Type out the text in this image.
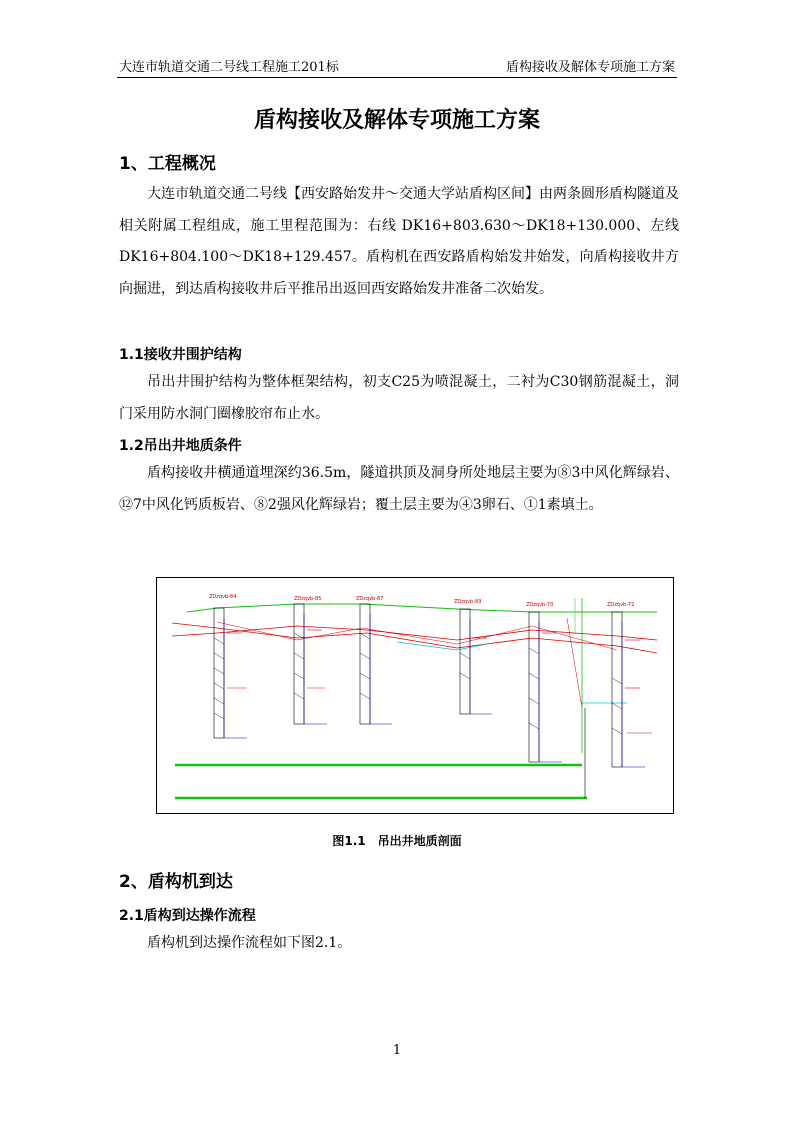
大连市轨道交通二号线工程施工201标	盾构接收及解体专项施工方案
盾构接收及解体专项施工方案
1、工程概况

大连市轨道交通二号线【西安路始发井～交通大学站盾构区间】由两条圆形盾构隧道及相关附属工程组成，施工里程范围为：右线 DK16+803.630～DK18+130.000、左线DK16+804.100～DK18+129.457。盾构机在西安路盾构始发井始发，向盾构接收井方向掘进，到达盾构接收井后平推吊出返回西安路始发井准备二次始发。

1.1接收井围护结构

吊出井围护结构为整体框架结构，初支C25为喷混凝土，二衬为C30钢筋混凝土，洞门采用防水洞门圈橡胶帘布止水。

1.2吊出井地质条件

盾构接收井横通道埋深约36.5m，隧道拱顶及洞身所处地层主要为⑧3中风化辉绿岩、⑫7中风化钙质板岩、⑧2强风化辉绿岩；覆土层主要为④3卵石、①1素填土。

ZDzqvb-84	ZDzqvb-85	ZDzqvb-87	ZDzqvb-89	ZDzqvb-70	ZDzqvb-72
图1.1　吊出井地质剖面
2、盾构机到达
2.1盾构到达操作流程

盾构机到达操作流程如下图2.1。

1
